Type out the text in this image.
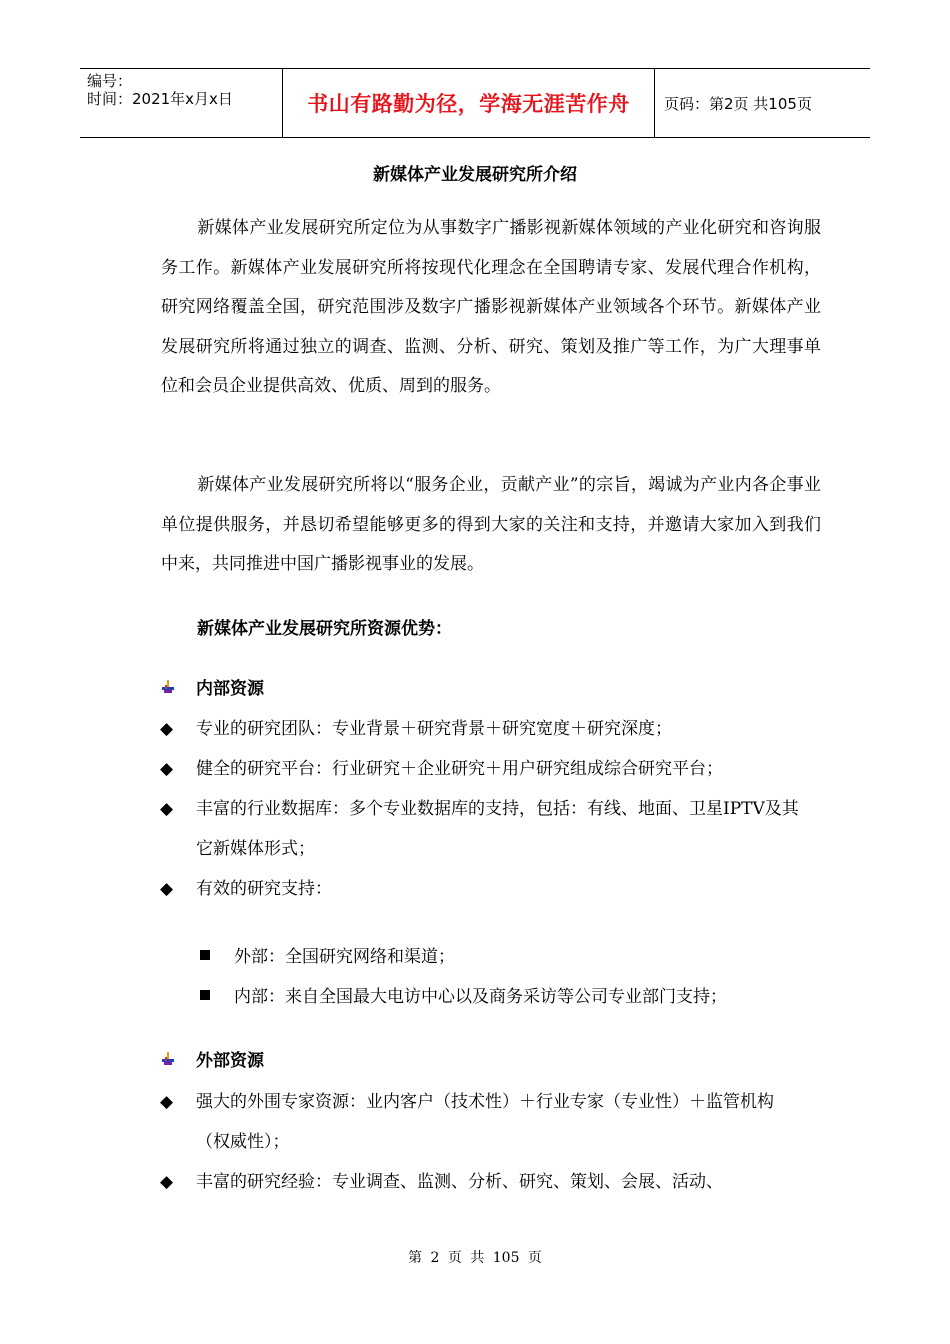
编号：
时间：2021年x月x日	书山有路勤为径，学海无涯苦作舟 页码：第2页 共105页
新媒体产业发展研究所介绍

新媒体产业发展研究所定位为从事数字广播影视新媒体领域的产业化研究和咨询服务工作。新媒体产业发展研究所将按现代化理念在全国聘请专家、发展代理合作机构，研究网络覆盖全国，研究范围涉及数字广播影视新媒体产业领域各个环节。新媒体产业发展研究所将通过独立的调查、监测、分析、研究、策划及推广等工作，为广大理事单位和会员企业提供高效、优质、周到的服务。

新媒体产业发展研究所将以“服务企业，贡献产业”的宗旨，竭诚为产业内各企事业单位提供服务，并恳切希望能够更多的得到大家的关注和支持，并邀请大家加入到我们中来，共同推进中国广播影视事业的发展。

新媒体产业发展研究所资源优势：
内部资源
◆	专业的研究团队：专业背景＋研究背景＋研究宽度＋研究深度；
◆	健全的研究平台：行业研究＋企业研究＋用户研究组成综合研究平台；
◆	丰富的行业数据库：多个专业数据库的支持，包括：有线、地面、卫星IPTV及其它新媒体形式；
◆	有效的研究支持：
外部：全国研究网络和渠道；
内部：来自全国最大电访中心以及商务采访等公司专业部门支持；
外部资源
◆	强大的外围专家资源：业内客户（技术性）＋行业专家（专业性）＋监管机构（权威性）；
◆	丰富的研究经验：专业调查、监测、分析、研究、策划、会展、活动、
第 2 页 共 105 页
